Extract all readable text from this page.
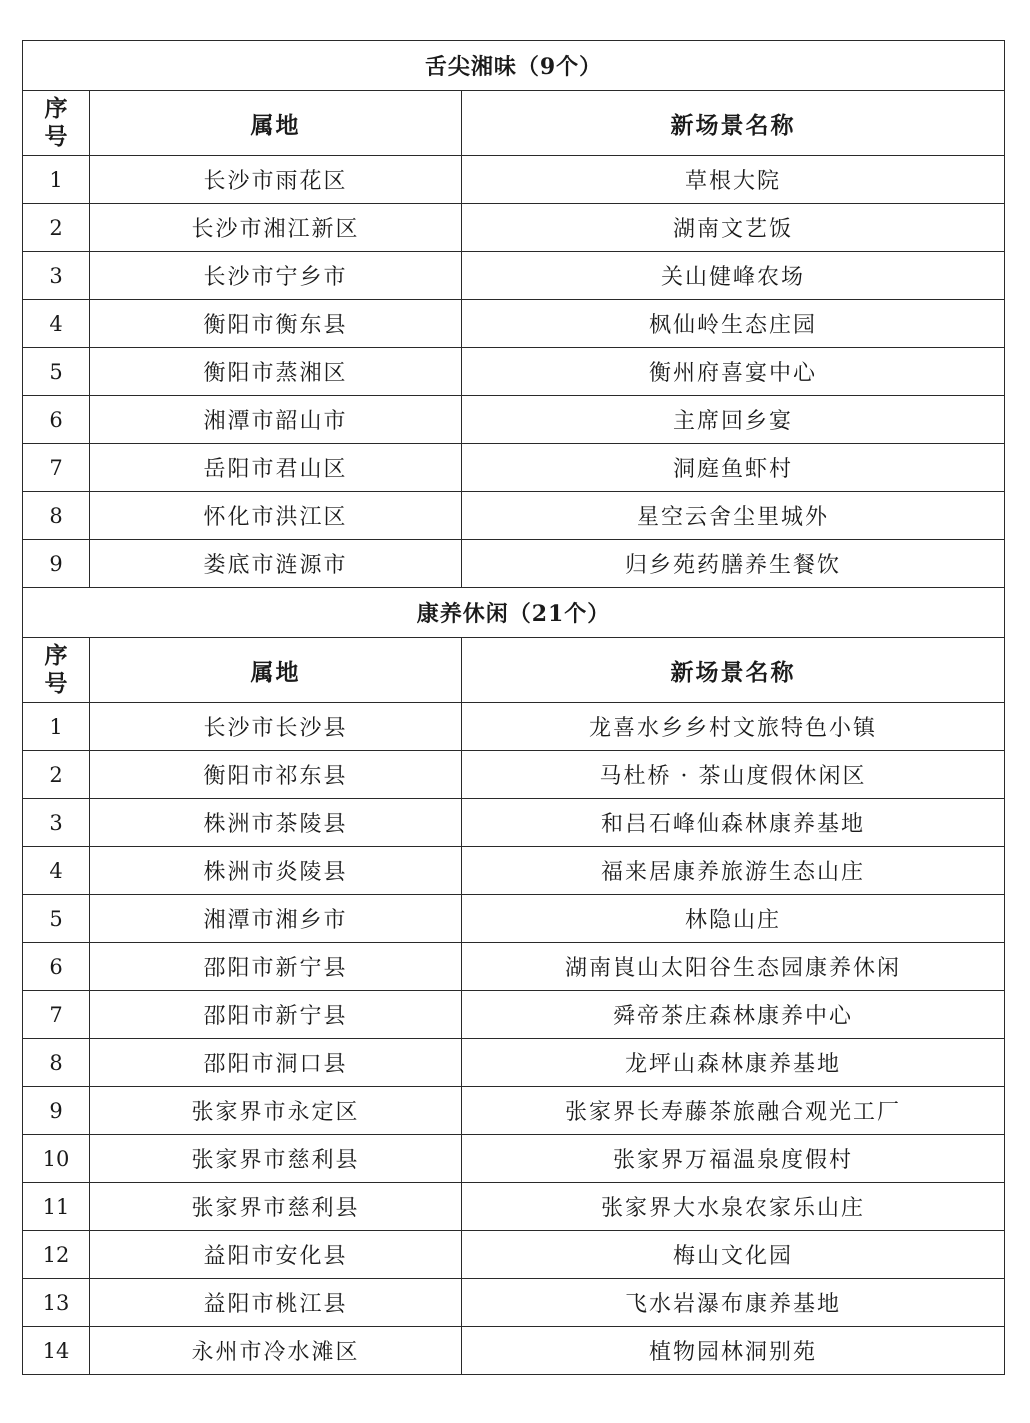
舌尖湘味（9个）		

序
号	属地	新场景名称
1	长沙市雨花区	草根大院
2	长沙市湘江新区	湖南文艺饭
3	长沙市宁乡市	关山健峰农场
4	衡阳市衡东县	枫仙岭生态庄园
5	衡阳市蒸湘区	衡州府喜宴中心
6	湘潭市韶山市	主席回乡宴
7	岳阳市君山区	洞庭鱼虾村
8	怀化市洪江区	星空云舍尘里城外
9	娄底市涟源市	归乡苑药膳养生餐饮
康养休闲（21个）		

序
号	属地	新场景名称
1	长沙市长沙县	龙喜水乡乡村文旅特色小镇
2	衡阳市祁东县	马杜桥 · 茶山度假休闲区
3	株洲市茶陵县	和吕石峰仙森林康养基地
4	株洲市炎陵县	福来居康养旅游生态山庄
5	湘潭市湘乡市	林隐山庄
6	邵阳市新宁县	湖南崀山太阳谷生态园康养休闲
7	邵阳市新宁县	舜帝茶庄森林康养中心
8	邵阳市洞口县	龙坪山森林康养基地
9	张家界市永定区	张家界长寿藤茶旅融合观光工厂
10	张家界市慈利县	张家界万福温泉度假村
11	张家界市慈利县	张家界大水泉农家乐山庄
12	益阳市安化县	梅山文化园
13	益阳市桃江县	飞水岩瀑布康养基地
14	永州市冷水滩区	植物园林洞别苑
